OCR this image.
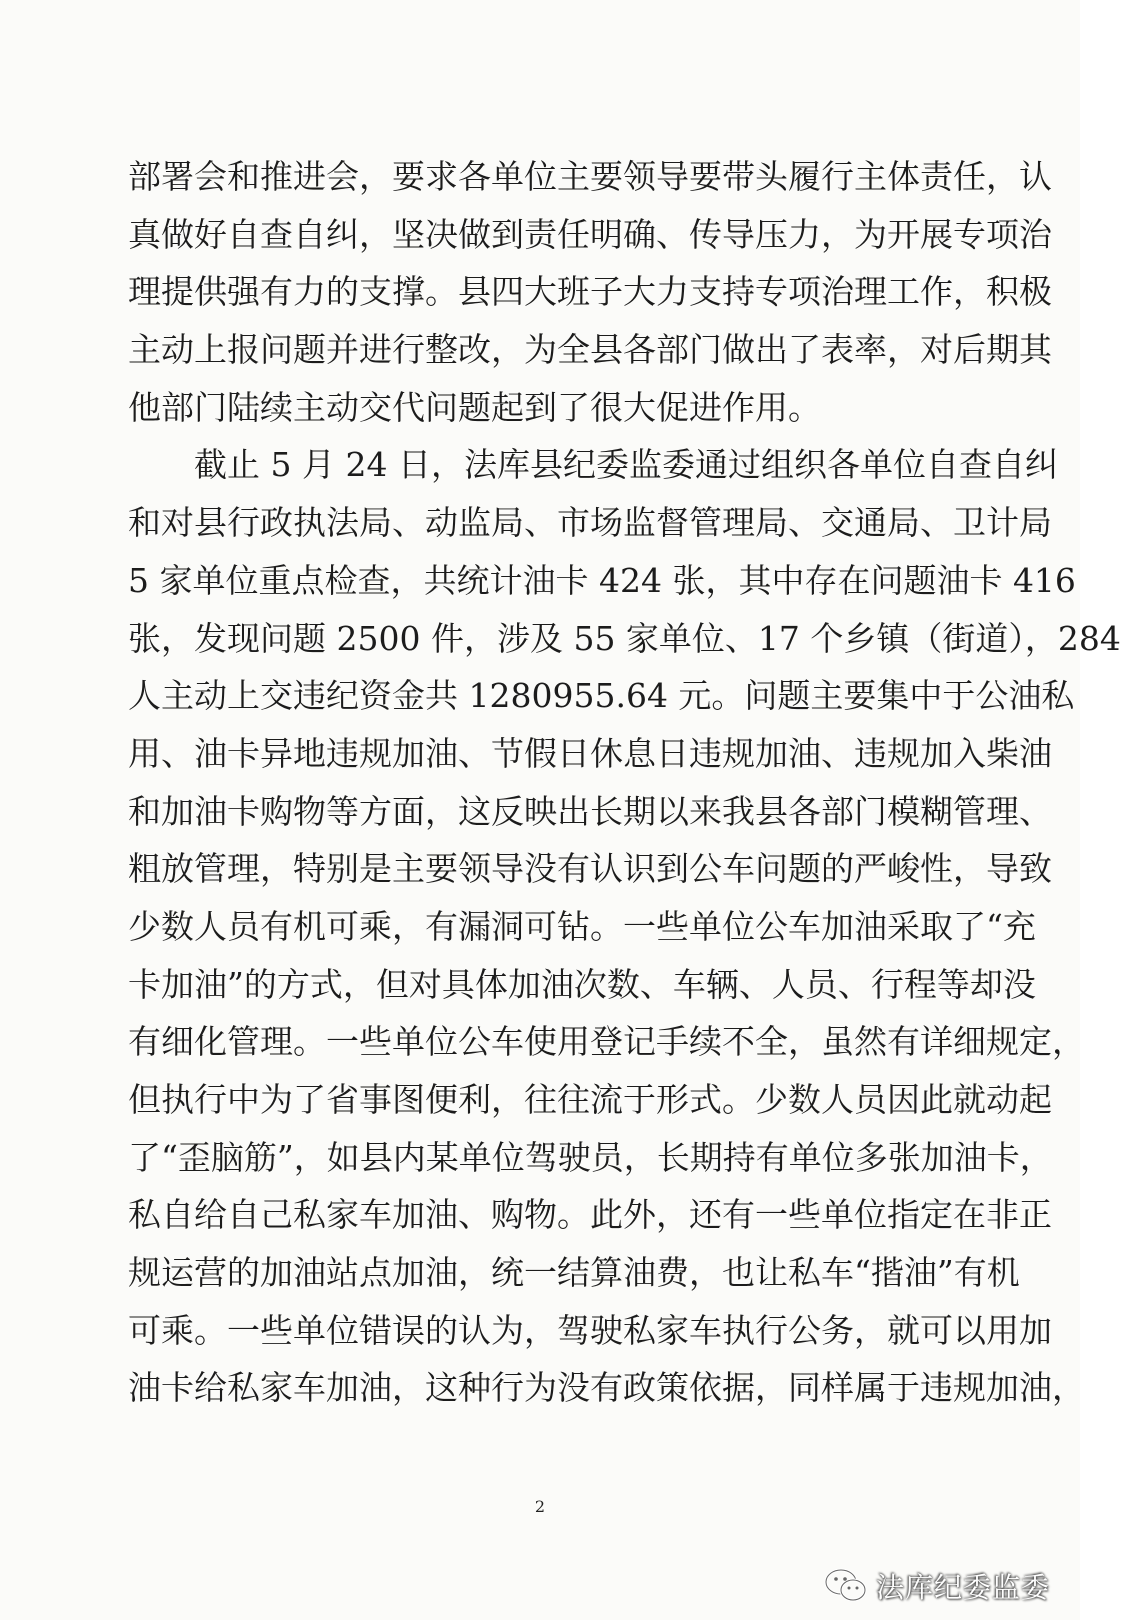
部署会和推进会，要求各单位主要领导要带头履行主体责任，认
真做好自查自纠，坚决做到责任明确、传导压力，为开展专项治
理提供强有力的支撑。县四大班子大力支持专项治理工作，积极
主动上报问题并进行整改，为全县各部门做出了表率，对后期其
他部门陆续主动交代问题起到了很大促进作用。
截止 5 月 24 日，法库县纪委监委通过组织各单位自查自纠
和对县行政执法局、动监局、市场监督管理局、交通局、卫计局
5 家单位重点检查，共统计油卡 424 张，其中存在问题油卡 416
张，发现问题 2500 件，涉及 55 家单位、17 个乡镇（街道），284
人主动上交违纪资金共 1280955.64 元。问题主要集中于公油私
用、油卡异地违规加油、节假日休息日违规加油、违规加入柴油
和加油卡购物等方面，这反映出长期以来我县各部门模糊管理、
粗放管理，特别是主要领导没有认识到公车问题的严峻性，导致
少数人员有机可乘，有漏洞可钻。一些单位公车加油采取了“充
卡加油”的方式，但对具体加油次数、车辆、人员、行程等却没
有细化管理。一些单位公车使用登记手续不全，虽然有详细规定，
但执行中为了省事图便利，往往流于形式。少数人员因此就动起
了“歪脑筋”，如县内某单位驾驶员，长期持有单位多张加油卡，
私自给自己私家车加油、购物。此外，还有一些单位指定在非正
规运营的加油站点加油，统一结算油费，也让私车“揩油”有机
可乘。一些单位错误的认为，驾驶私家车执行公务，就可以用加
油卡给私家车加油，这种行为没有政策依据，同样属于违规加油，
2
法库纪委监委
